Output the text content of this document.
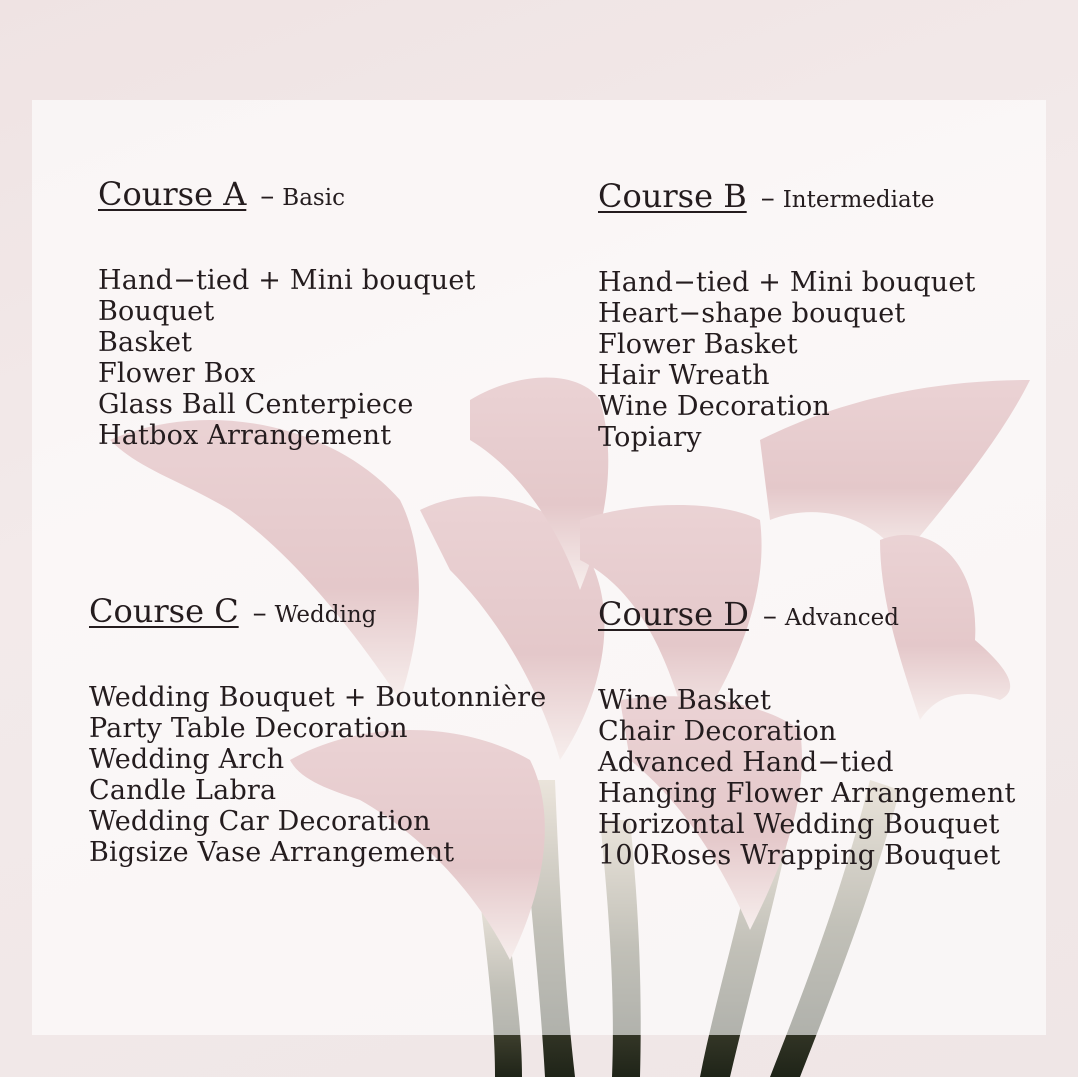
Course A – Basic
Hand−tied + Mini bouquet
Bouquet
Basket
Flower Box
Glass Ball Centerpiece
Hatbox Arrangement
Course B – Intermediate
Hand−tied + Mini bouquet
Heart−shape bouquet
Flower Basket
Hair Wreath
Wine Decoration
Topiary
Course C – Wedding
Wedding Bouquet + Boutonnière
Party Table Decoration
Wedding Arch
Candle Labra
Wedding Car Decoration
Bigsize Vase Arrangement
Course D – Advanced
Wine Basket
Chair Decoration
Advanced Hand−tied
Hanging Flower Arrangement
Horizontal Wedding Bouquet
100Roses Wrapping Bouquet
